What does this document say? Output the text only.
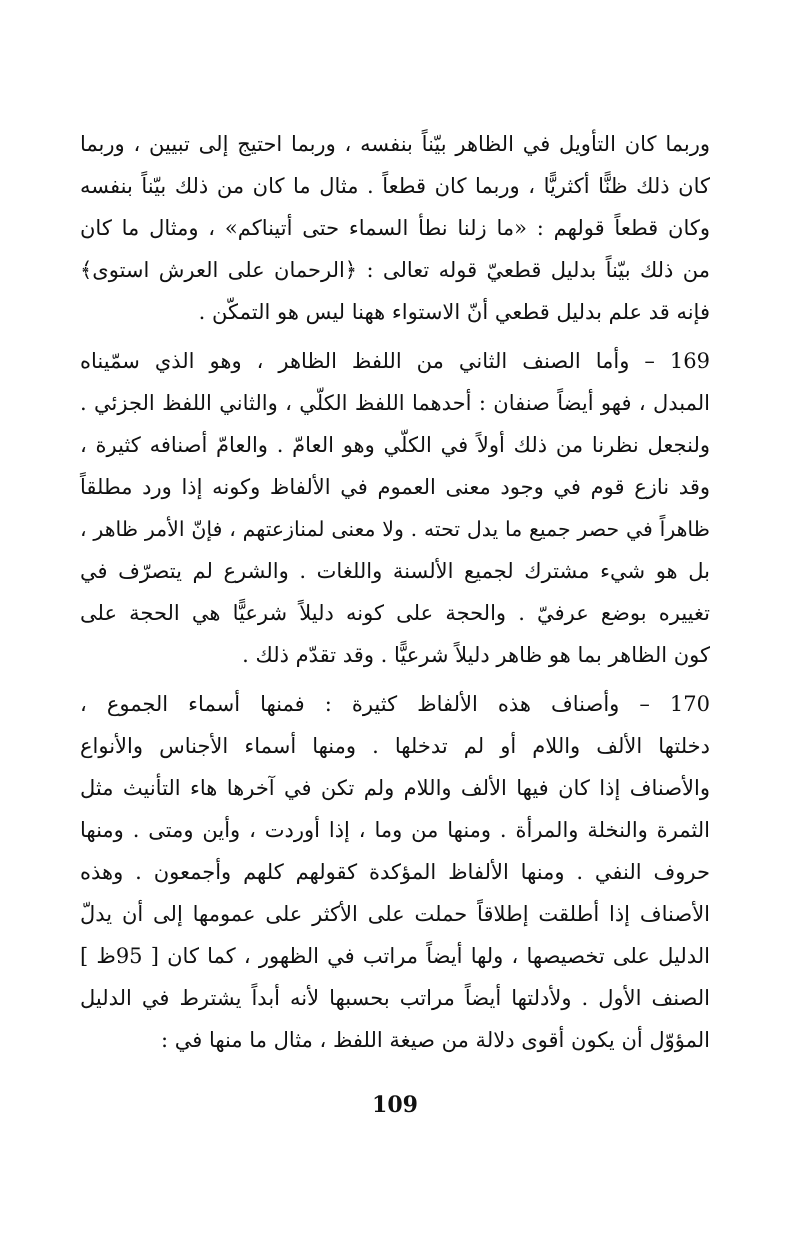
وربما كان التأويل في الظاهر بيّناً بنفسه ، وربما احتيج إلى تبيين ، وربما
كان ذلك ظنًّا أكثريًّا ، وربما كان قطعاً . مثال ما كان من ذلك بيّناً بنفسه
وكان قطعاً قولهم : «ما زلنا نطأ السماء حتى أتيناكم» ، ومثال ما كان
من ذلك بيّناً بدليل قطعيّ قوله تعالى : ﴿الرحمان على العرش استوى﴾
فإنه قد علم بدليل قطعي أنّ الاستواء ههنا ليس هو التمكّن .
169 – وأما الصنف الثاني من اللفظ الظاهر ، وهو الذي سمّيناه
المبدل ، فهو أيضاً صنفان : أحدهما اللفظ الكلّي ، والثاني اللفظ الجزئي .
ولنجعل نظرنا من ذلك أولاً في الكلّي وهو العامّ . والعامّ أصنافه كثيرة ،
وقد نازع قوم في وجود معنى العموم في الألفاظ وكونه إذا ورد مطلقاً
ظاهراً في حصر جميع ما يدل تحته . ولا معنى لمنازعتهم ، فإنّ الأمر ظاهر ،
بل هو شيء مشترك لجميع الألسنة واللغات . والشرع لم يتصرّف في
تغييره بوضع عرفيّ . والحجة على كونه دليلاً شرعيًّا هي الحجة على
كون الظاهر بما هو ظاهر دليلاً شرعيًّا . وقد تقدّم ذلك .
170 – وأصناف هذه الألفاظ كثيرة : فمنها أسماء الجموع ،
دخلتها الألف واللام أو لم تدخلها . ومنها أسماء الأجناس والأنواع
والأصناف إذا كان فيها الألف واللام ولم تكن في آخرها هاء التأنيث مثل
الثمرة والنخلة والمرأة . ومنها من وما ، إذا أوردت ، وأين ومتى . ومنها
حروف النفي . ومنها الألفاظ المؤكدة كقولهم كلهم وأجمعون . وهذه
الأصناف إذا أطلقت إطلاقاً حملت على الأكثر على عمومها إلى أن يدلّ
الدليل على تخصيصها ، ولها أيضاً مراتب في الظهور ، كما كان [ 95ظ ]
الصنف الأول . ولأدلتها أيضاً مراتب بحسبها لأنه أبداً يشترط في الدليل
المؤوّل أن يكون أقوى دلالة من صيغة اللفظ ، مثال ما منها في :
109
